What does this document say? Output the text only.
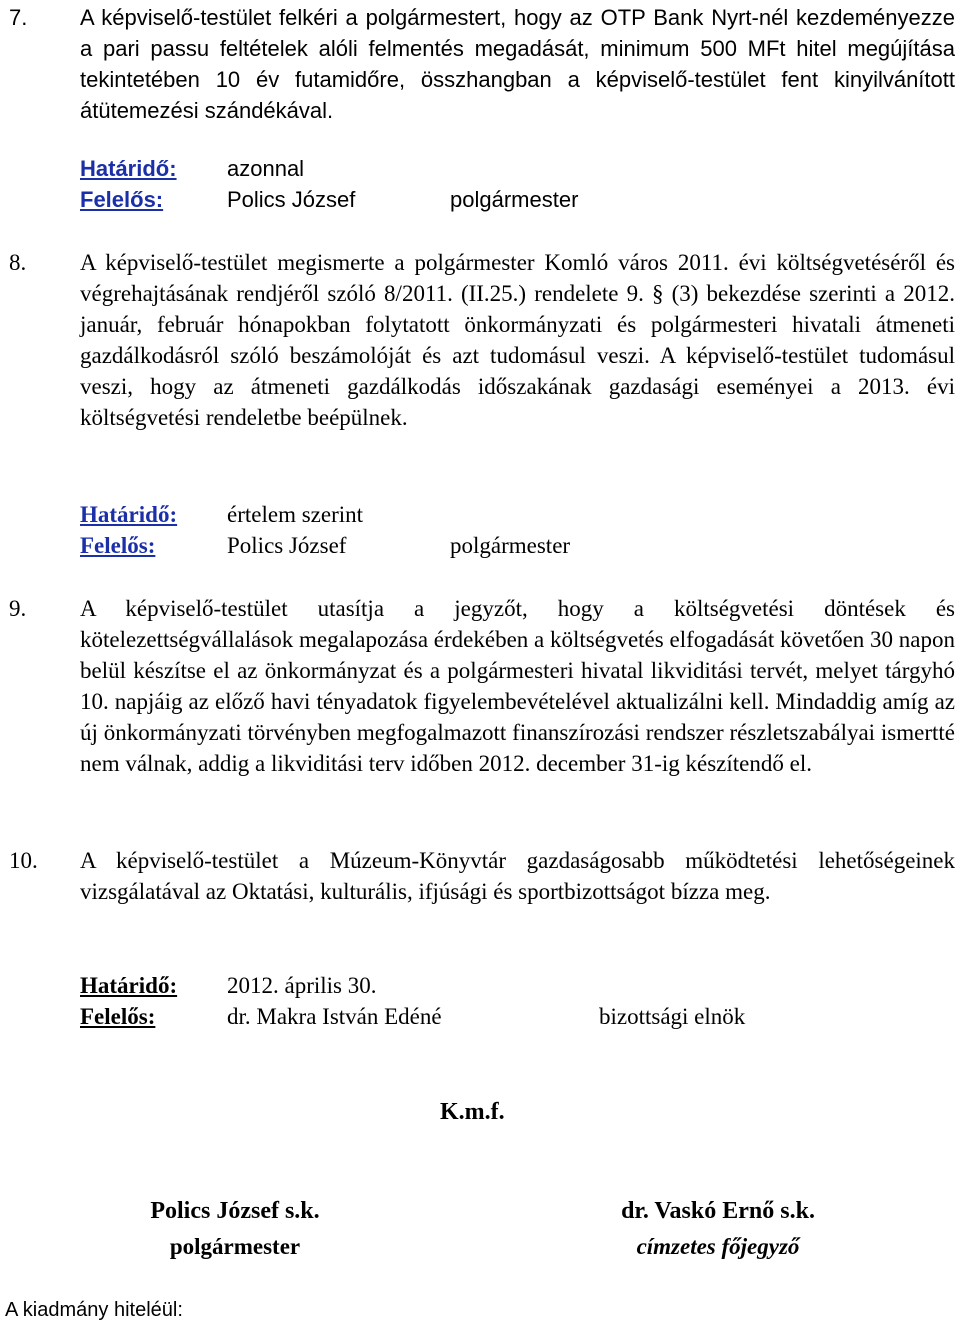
7. A képviselő-testület felkéri a polgármestert, hogy az OTP Bank Nyrt-nél kezdeményezze a pari passu feltételek alóli felmentés megadását, minimum 500 MFt hitel megújítása tekintetében 10 év futamidőre, összhangban a képviselő-testület fent kinyilvánított átütemezési szándékával.
Határidő: azonnal
Felelős:	Polics József	polgármester
8. A képviselő-testület megismerte a polgármester Komló város 2011. évi költségvetéséről és végrehajtásának rendjéről szóló 8/2011. (II.25.) rendelete 9. § (3) bekezdése szerinti a 2012. január, február hónapokban folytatott önkormányzati és polgármesteri hivatali átmeneti gazdálkodásról szóló beszámolóját és azt tudomásul veszi. A képviselő-testület tudomásul veszi, hogy az átmeneti gazdálkodás időszakának gazdasági eseményei a 2013. évi költségvetési rendeletbe beépülnek.
Határidő: értelem szerint
Felelős:	Polics József	polgármester
9. A képviselő-testület utasítja a jegyzőt, hogy a költségvetési döntések és kötelezettségvállalások megalapozása érdekében a költségvetés elfogadását követően 30 napon belül készítse el az önkormányzat és a polgármesteri hivatal likviditási tervét, melyet tárgyhó 10. napjáig az előző havi tényadatok figyelembevételével aktualizálni kell. Mindaddig amíg az új önkormányzati törvényben megfogalmazott finanszírozási rendszer részletszabályai ismertté nem válnak, addig a likviditási terv időben 2012. december 31-ig készítendő el.
10. A képviselő-testület a Múzeum-Könyvtár gazdaságosabb működtetési lehetőségeinek vizsgálatával az Oktatási, kulturális, ifjúsági és sportbizottságot bízza meg.
Határidő: 2012. április 30.
Felelős:	dr. Makra István Edéné	bizottsági elnök
K.m.f.
Polics József s.k.
polgármester
dr. Vaskó Ernő s.k.
címzetes főjegyző
A kiadmány hiteléül:
